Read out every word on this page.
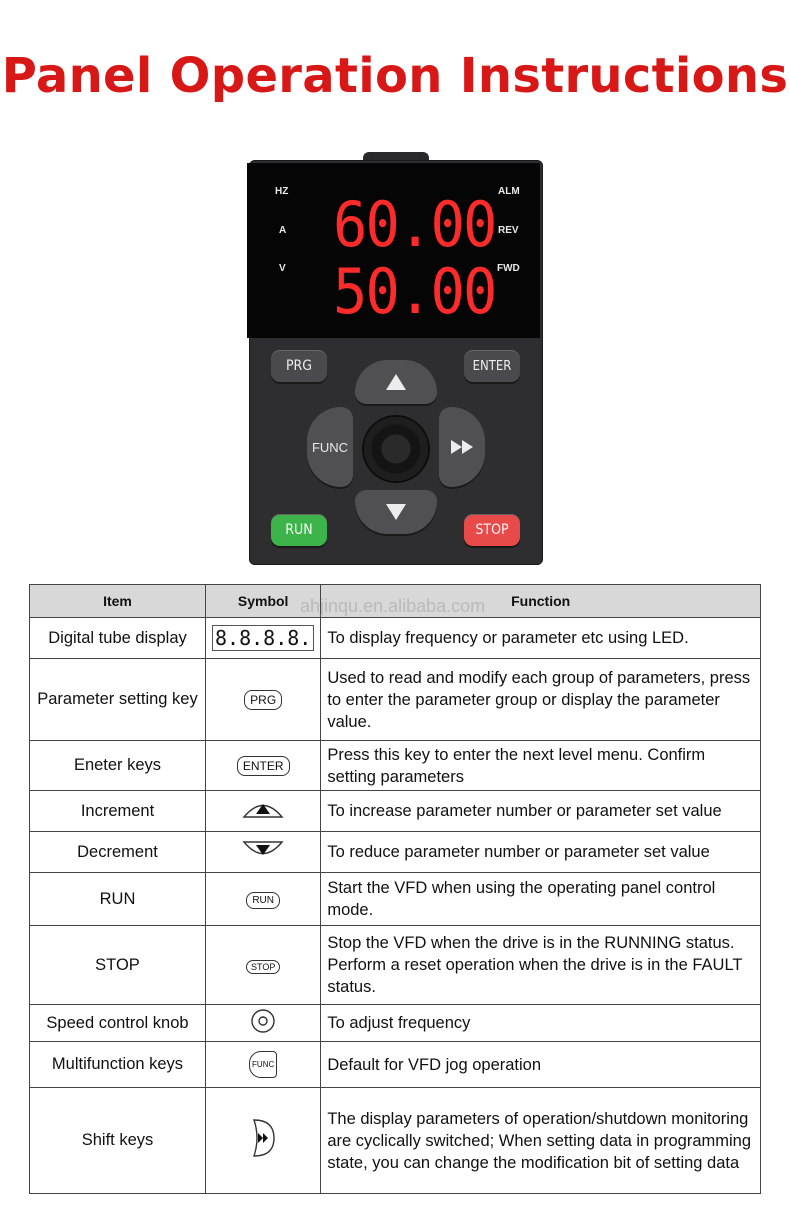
Panel Operation Instructions
HZ
A
V
ALM
REV
FWD
60.00
50.00
PRG	ENTER
FUNC
RUN	STOP
Item	Symbol	Function
Digital tube display	8.8.8.8.	To display frequency or parameter etc using LED.
Parameter setting key	PRG	Used to read and modify each group of parameters, press to enter the parameter group or display the parameter value.
Eneter keys	ENTER	Press this key to enter the next level menu. Confirm setting parameters
Increment		To increase parameter number or parameter set value
Decrement		To reduce parameter number or parameter set value
RUN	RUN	Start the VFD when using the operating panel control mode.
STOP	STOP	Stop the VFD when the drive is in the RUNNING status. Perform a reset operation when the drive is in the FAULT status.
Speed control knob		To adjust frequency
Multifunction keys	FUNC	Default for VFD jog operation
Shift keys		The display parameters of operation/shutdown monitoring are cyclically switched; When setting data in programming state, you can change the modification bit of setting data
ahjinqu.en.alibaba.com
